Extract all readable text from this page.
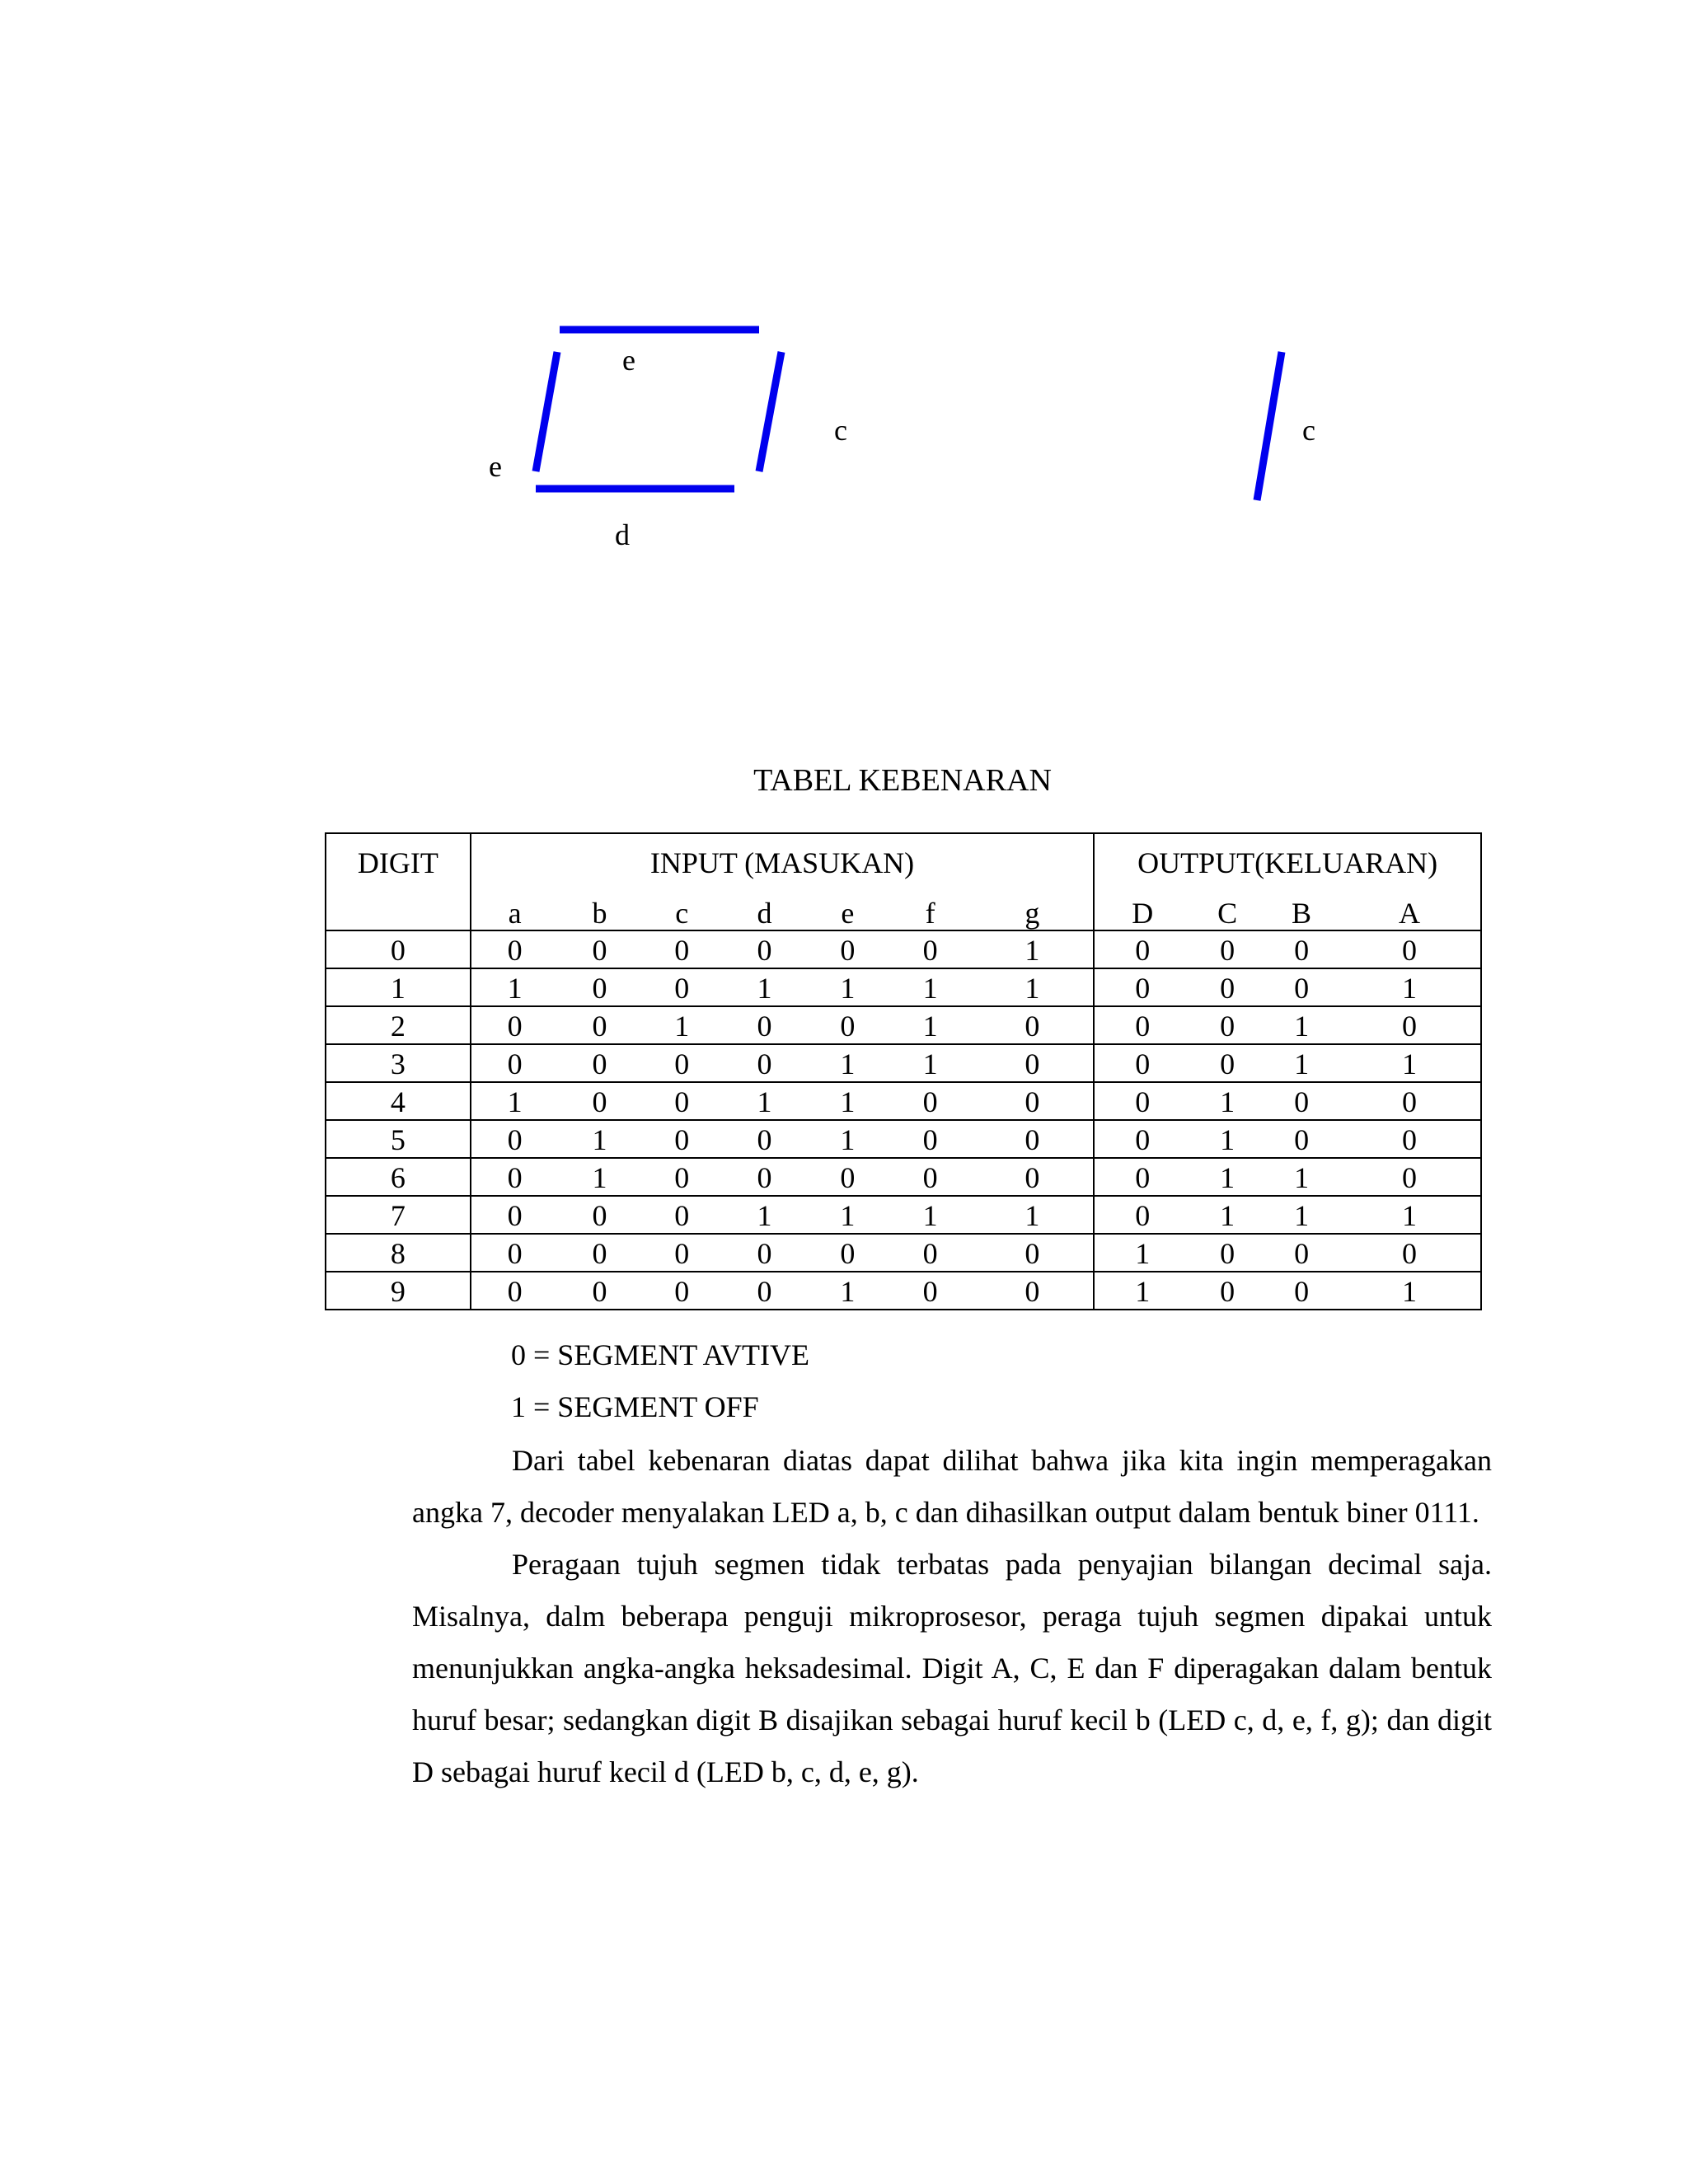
e
e
d
c	c
TABEL KEBENARAN
DIGIT	INPUT (MASUKAN)							OUTPUT(KELUARAN)			
	a	b	c	d	e	f	g	D	C	B	A
0	0	0	0	0	0	0	1	0	0	0	0
1	1	0	0	1	1	1	1	0	0	0	1
2	0	0	1	0	0	1	0	0	0	1	0
3	0	0	0	0	1	1	0	0	0	1	1
4	1	0	0	1	1	0	0	0	1	0	0
5	0	1	0	0	1	0	0	0	1	0	0
6	0	1	0	0	0	0	0	0	1	1	0
7	0	0	0	1	1	1	1	0	1	1	1
8	0	0	0	0	0	0	0	1	0	0	0
9	0	0	0	0	1	0	0	1	0	0	1
0 = SEGMENT AVTIVE
1 = SEGMENT OFF

Dari tabel kebenaran diatas dapat dilihat bahwa jika kita ingin memperagakan angka 7, decoder menyalakan LED a, b, c dan dihasilkan output dalam bentuk biner 0111.

Peragaan tujuh segmen tidak terbatas pada penyajian bilangan decimal saja. Misalnya, dalm beberapa penguji mikroprosesor, peraga tujuh segmen dipakai untuk menunjukkan angka-angka heksadesimal. Digit A, C, E dan F diperagakan dalam bentuk huruf besar; sedangkan digit B disajikan sebagai huruf kecil b (LED c, d, e, f, g); dan digit D sebagai huruf kecil d (LED b, c, d, e, g).
